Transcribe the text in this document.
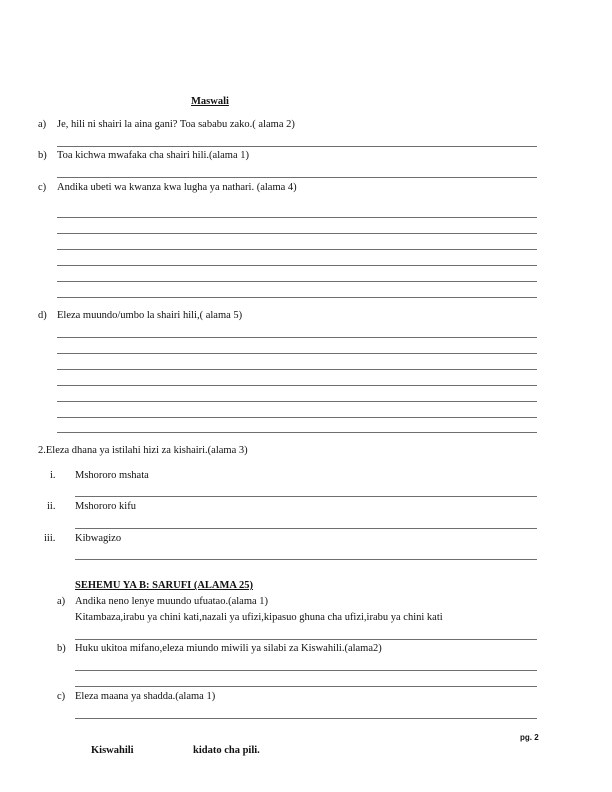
Maswali
a) Je, hili ni shairi la aina gani? Toa sababu zako.( alama 2)
b) Toa kichwa mwafaka cha shairi hili.(alama 1)
c) Andika ubeti wa kwanza kwa lugha ya nathari. (alama 4)
d) Eleza muundo/umbo la shairi hili,( alama 5)
2.Eleza dhana ya istilahi hizi za kishairi.(alama 3)
i. Mshororo mshata
ii. Mshororo kifu
iii. Kibwagizo
SEHEMU YA B: SARUFI (ALAMA 25)
a) Andika neno lenye muundo ufuatao.(alama 1)
Kitambaza,irabu ya chini kati,nazali ya ufizi,kipasuo ghuna cha ufizi,irabu ya chini kati
b) Huku ukitoa mifano,eleza miundo miwili ya silabi za Kiswahili.(alama2)
c) Eleza maana ya shadda.(alama 1)
pg. 2
Kiswahili	kidato cha pili.
